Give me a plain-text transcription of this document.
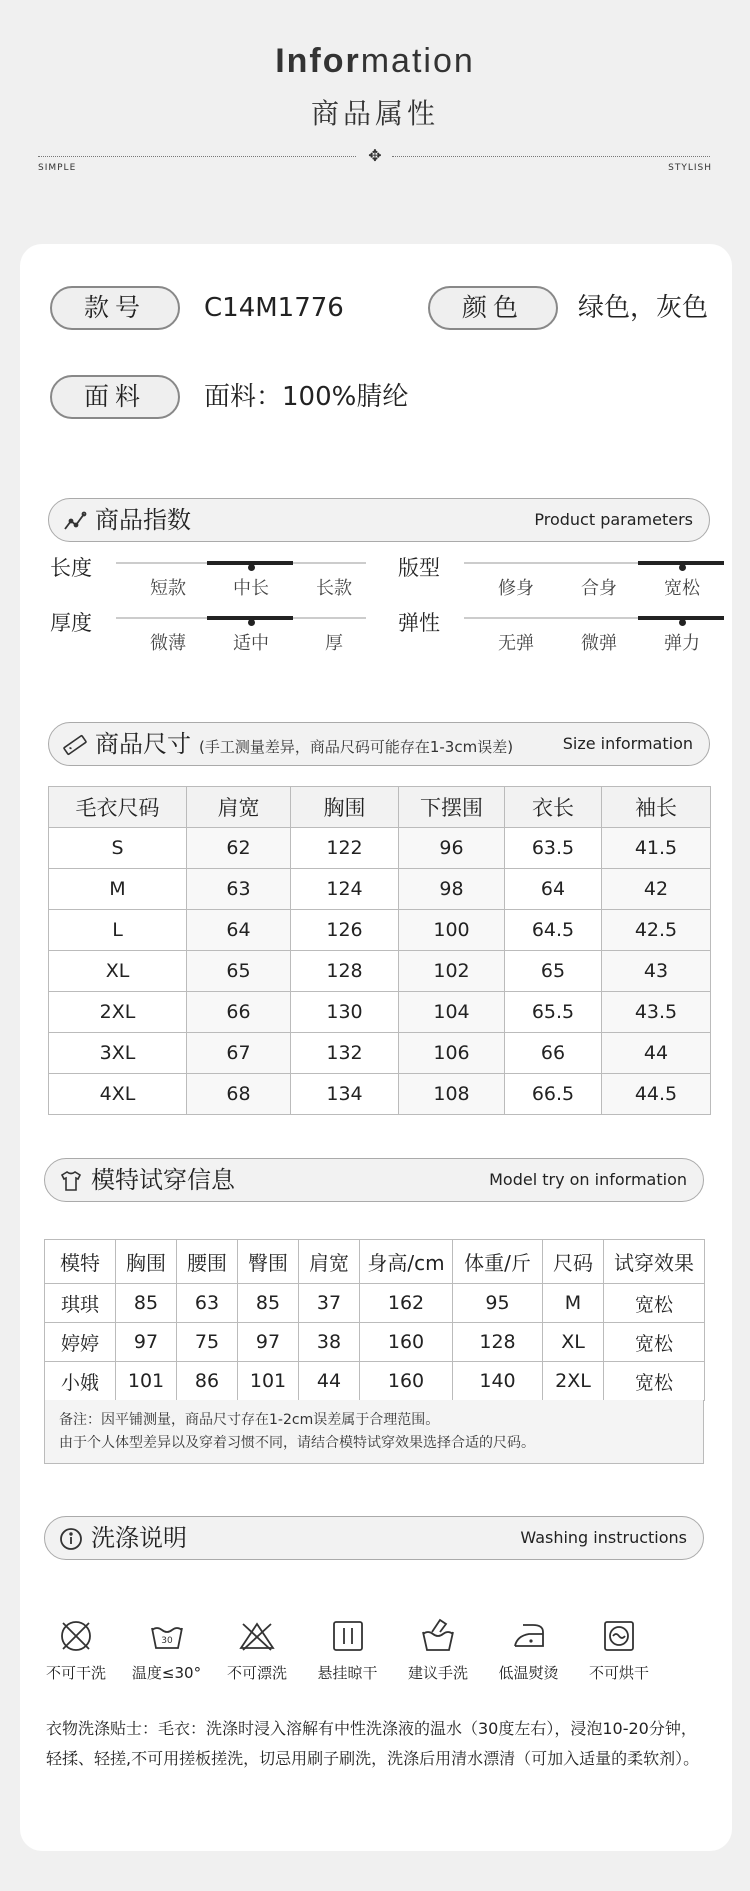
Information
商品属性
✥
SIMPLE	STYLISH
款号	C14M1776	颜色	绿色，灰色
面料	面料：100%腈纶
商品指数	Product parameters
长度
短款	中长	长款
版型
修身	合身	宽松
厚度
微薄	适中	厚
弹性
无弹	微弹	弹力
商品尺寸 (手工测量差异，商品尺码可能存在1-3cm误差)	Size information
毛衣尺码	肩宽	胸围	下摆围	衣长	袖长
S	62	122	96	63.5	41.5
M	63	124	98	64	42
L	64	126	100	64.5	42.5
XL	65	128	102	65	43
2XL	66	130	104	65.5	43.5
3XL	67	132	106	66	44
4XL	68	134	108	66.5	44.5
模特试穿信息	Model try on information
模特	胸围	腰围	臀围	肩宽	身高/cm	体重/斤	尺码	试穿效果
琪琪	85	63	85	37	162	95	M	宽松
婷婷	97	75	97	38	160	128	XL	宽松
小娥	101	86	101	44	160	140	2XL	宽松
备注：因平铺测量，商品尺寸存在1-2cm误差属于合理范围。
由于个人体型差异以及穿着习惯不同，请结合模特试穿效果选择合适的尺码。
洗涤说明	Washing instructions
不可干洗
30
温度≤30°	不可漂洗	悬挂晾干	建议手洗	低温熨烫	不可烘干
衣物洗涤贴士：毛衣：洗涤时浸入溶解有中性洗涤液的温水（30度左右），浸泡10-20分钟，轻揉、轻搓,不可用搓板搓洗，切忌用刷子刷洗，洗涤后用清水漂清（可加入适量的柔软剂）。
